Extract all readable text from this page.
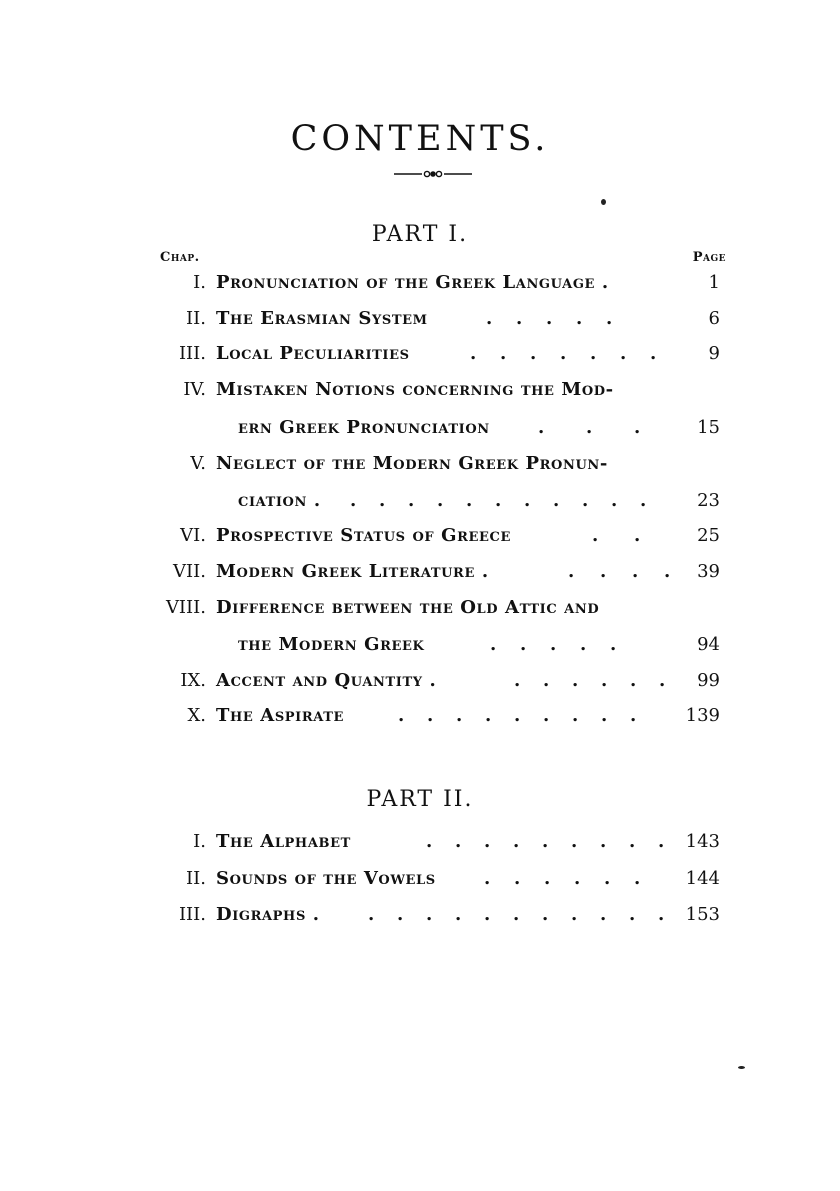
CONTENTS.
PART I.
Chap.	Page
I. Pronunciation of the Greek Language .	1
II. The Erasmian System	. . . . .	6
III. Local Peculiarities	. . . . . . .	9
IV. Mistaken Notions concerning the Mod-
ern Greek Pronunciation	. . .	15
V. Neglect of the Modern Greek Pronun-
ciation . . . . . . . . . . . .	23
VI. Prospective Status of Greece	. .	25
VII. Modern Greek Literature .	. . . . 39
VIII. Difference between the Old Attic and
the Modern Greek	. . . . .	94
IX. Accent and Quantity .	. . . . . . 99
X. The Aspirate	. . . . . . . . .	139
PART II.
I. The Alphabet	. . . . . . . . . 143
II. Sounds of the Vowels	. . . . . .	144
III. Digraphs .	. . . . . . . . . . . 153
